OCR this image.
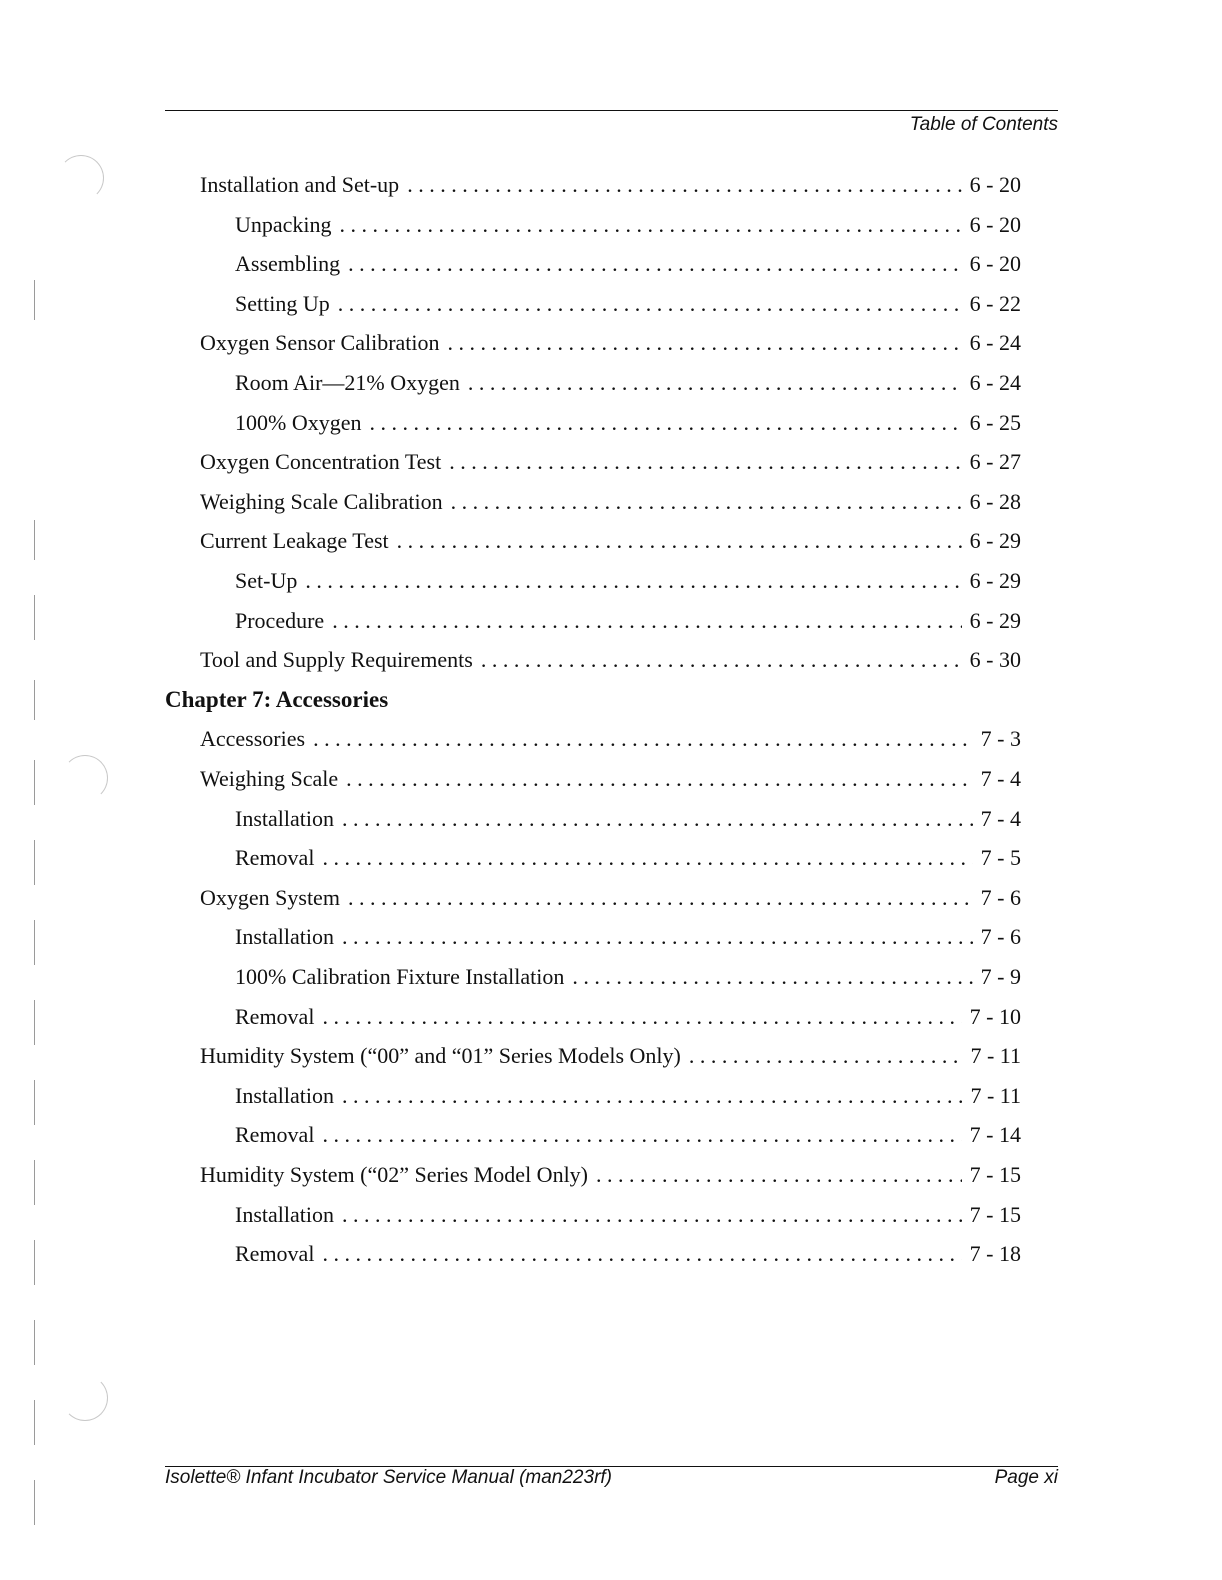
Table of Contents
Installation and Set-up . . .	6 - 20
Unpacking . . .	6 - 20
Assembling . . .	6 - 20
Setting Up . . .	6 - 22
Oxygen Sensor Calibration . . .	6 - 24
Room Air—21% Oxygen . . .	6 - 24
100% Oxygen . . .	6 - 25
Oxygen Concentration Test . . .	6 - 27
Weighing Scale Calibration . . .	6 - 28
Current Leakage Test . . .	6 - 29
Set-Up . . .	6 - 29
Procedure . . .	6 - 29
Tool and Supply Requirements . . .	6 - 30
Chapter 7: Accessories
Accessories . . .	7 - 3
Weighing Scale . . .	7 - 4
Installation . . .	7 - 4
Removal . . .	7 - 5
Oxygen System . . .	7 - 6
Installation . . .	7 - 6
100% Calibration Fixture Installation . . .	7 - 9
Removal . . .	7 - 10
Humidity System (“00” and “01” Series Models Only) . . .	7 - 11
Installation . . .	7 - 11
Removal . . .	7 - 14
Humidity System (“02” Series Model Only) . . .	7 - 15
Installation . . .	7 - 15
Removal . . .	7 - 18
Isolette® Infant Incubator Service Manual (man223rf)	Page xi
